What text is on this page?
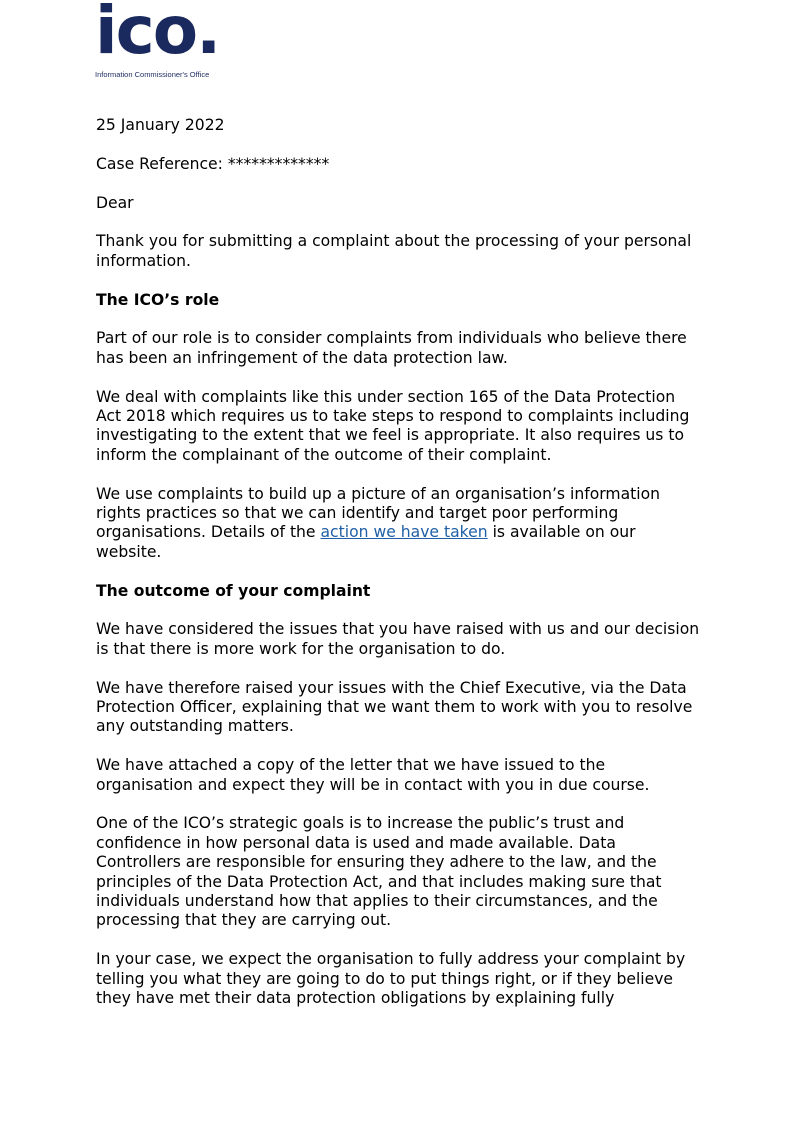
ico.
Information Commissioner's Office

25 January 2022

Case Reference: *************

Dear

Thank you for submitting a complaint about the processing of your personal information.

The ICO’s role

Part of our role is to consider complaints from individuals who believe there has been an infringement of the data protection law.

We deal with complaints like this under section 165 of the Data Protection Act 2018 which requires us to take steps to respond to complaints including investigating to the extent that we feel is appropriate. It also requires us to inform the complainant of the outcome of their complaint.

We use complaints to build up a picture of an organisation’s information rights practices so that we can identify and target poor performing organisations. Details of the action we have taken is available on our website.

The outcome of your complaint

We have considered the issues that you have raised with us and our decision is that there is more work for the organisation to do.

We have therefore raised your issues with the Chief Executive, via the Data Protection Officer, explaining that we want them to work with you to resolve any outstanding matters.

We have attached a copy of the letter that we have issued to the organisation and expect they will be in contact with you in due course.

One of the ICO’s strategic goals is to increase the public’s trust and confidence in how personal data is used and made available. Data Controllers are responsible for ensuring they adhere to the law, and the principles of the Data Protection Act, and that includes making sure that individuals understand how that applies to their circumstances, and the processing that they are carrying out.

In your case, we expect the organisation to fully address your complaint by telling you what they are going to do to put things right, or if they believe they have met their data protection obligations by explaining fully
